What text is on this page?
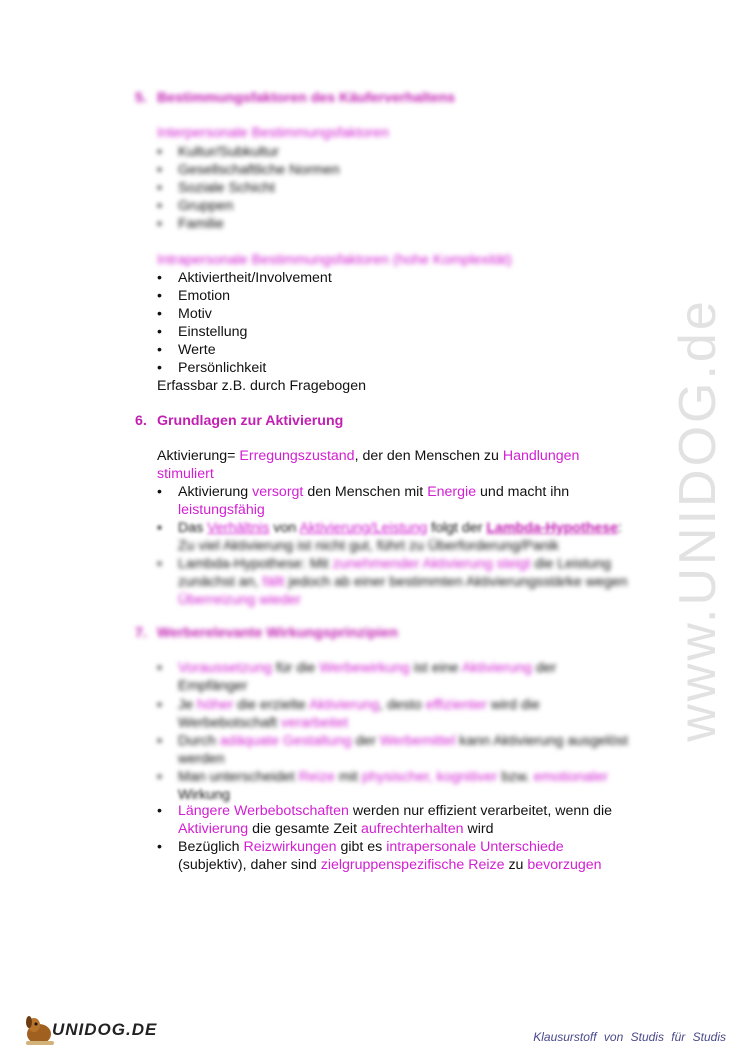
www.UNIDOG.de
5. Bestimmungsfaktoren des Käuferverhaltens
Interpersonale Bestimmungsfaktoren
• Kultur/Subkultur
• Gesellschaftliche Normen
• Soziale Schicht
• Gruppen
• Familie
Intrapersonale Bestimmungsfaktoren (hohe Komplexität)
• Aktiviertheit/Involvement
• Emotion
• Motiv
• Einstellung
• Werte
• Persönlichkeit
Erfassbar z.B. durch Fragebogen
6. Grundlagen zur Aktivierung
Aktivierung= Erregungszustand, der den Menschen zu Handlungen
stimuliert
• Aktivierung versorgt den Menschen mit Energie und macht ihn
leistungsfähig
• Das Verhältnis von Aktivierung/Leistung folgt der Lambda-Hypothese:
Zu viel Aktivierung ist nicht gut, führt zu Überforderung/Panik
• Lambda-Hypothese: Mit zunehmender Aktivierung steigt die Leistung
zunächst an, fällt jedoch ab einer bestimmten Aktivierungsstärke wegen
Überreizung wieder
7. Werberelevante Wirkungsprinzipien
• Voraussetzung für die Werbewirkung ist eine Aktivierung der
Empfänger
• Je höher die erzielte Aktivierung, desto effizienter wird die
Werbebotschaft verarbeitet
• Durch adäquate Gestaltung der Werbemittel kann Aktivierung ausgelöst
werden
• Man unterscheidet Reize mit physischer, kognitiver bzw. emotionaler
Wirkung
• Längere Werbebotschaften werden nur effizient verarbeitet, wenn die
Aktivierung die gesamte Zeit aufrechterhalten wird
• Bezüglich Reizwirkungen gibt es intrapersonale Unterschiede
(subjektiv), daher sind zielgruppenspezifische Reize zu bevorzugen
UNIDOG.DE	Klausurstoff von Studis für Studis
